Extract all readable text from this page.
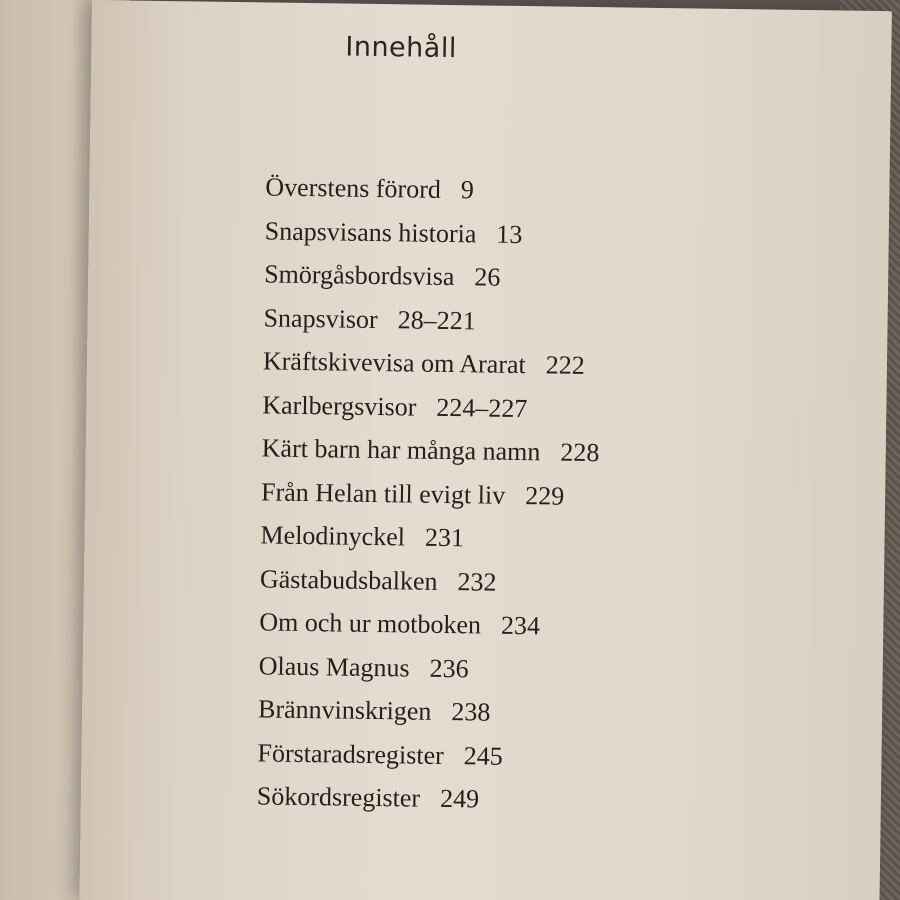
Innehåll
Överstens förord 9
Snapsvisans historia 13
Smörgåsbordsvisa 26
Snapsvisor 28–221
Kräftskivevisa om Ararat 222
Karlbergsvisor 224–227
Kärt barn har många namn 228
Från Helan till evigt liv 229
Melodinyckel 231
Gästabudsbalken 232
Om och ur motboken 234
Olaus Magnus 236
Brännvinskrigen 238
Förstaradsregister 245
Sökordsregister 249
